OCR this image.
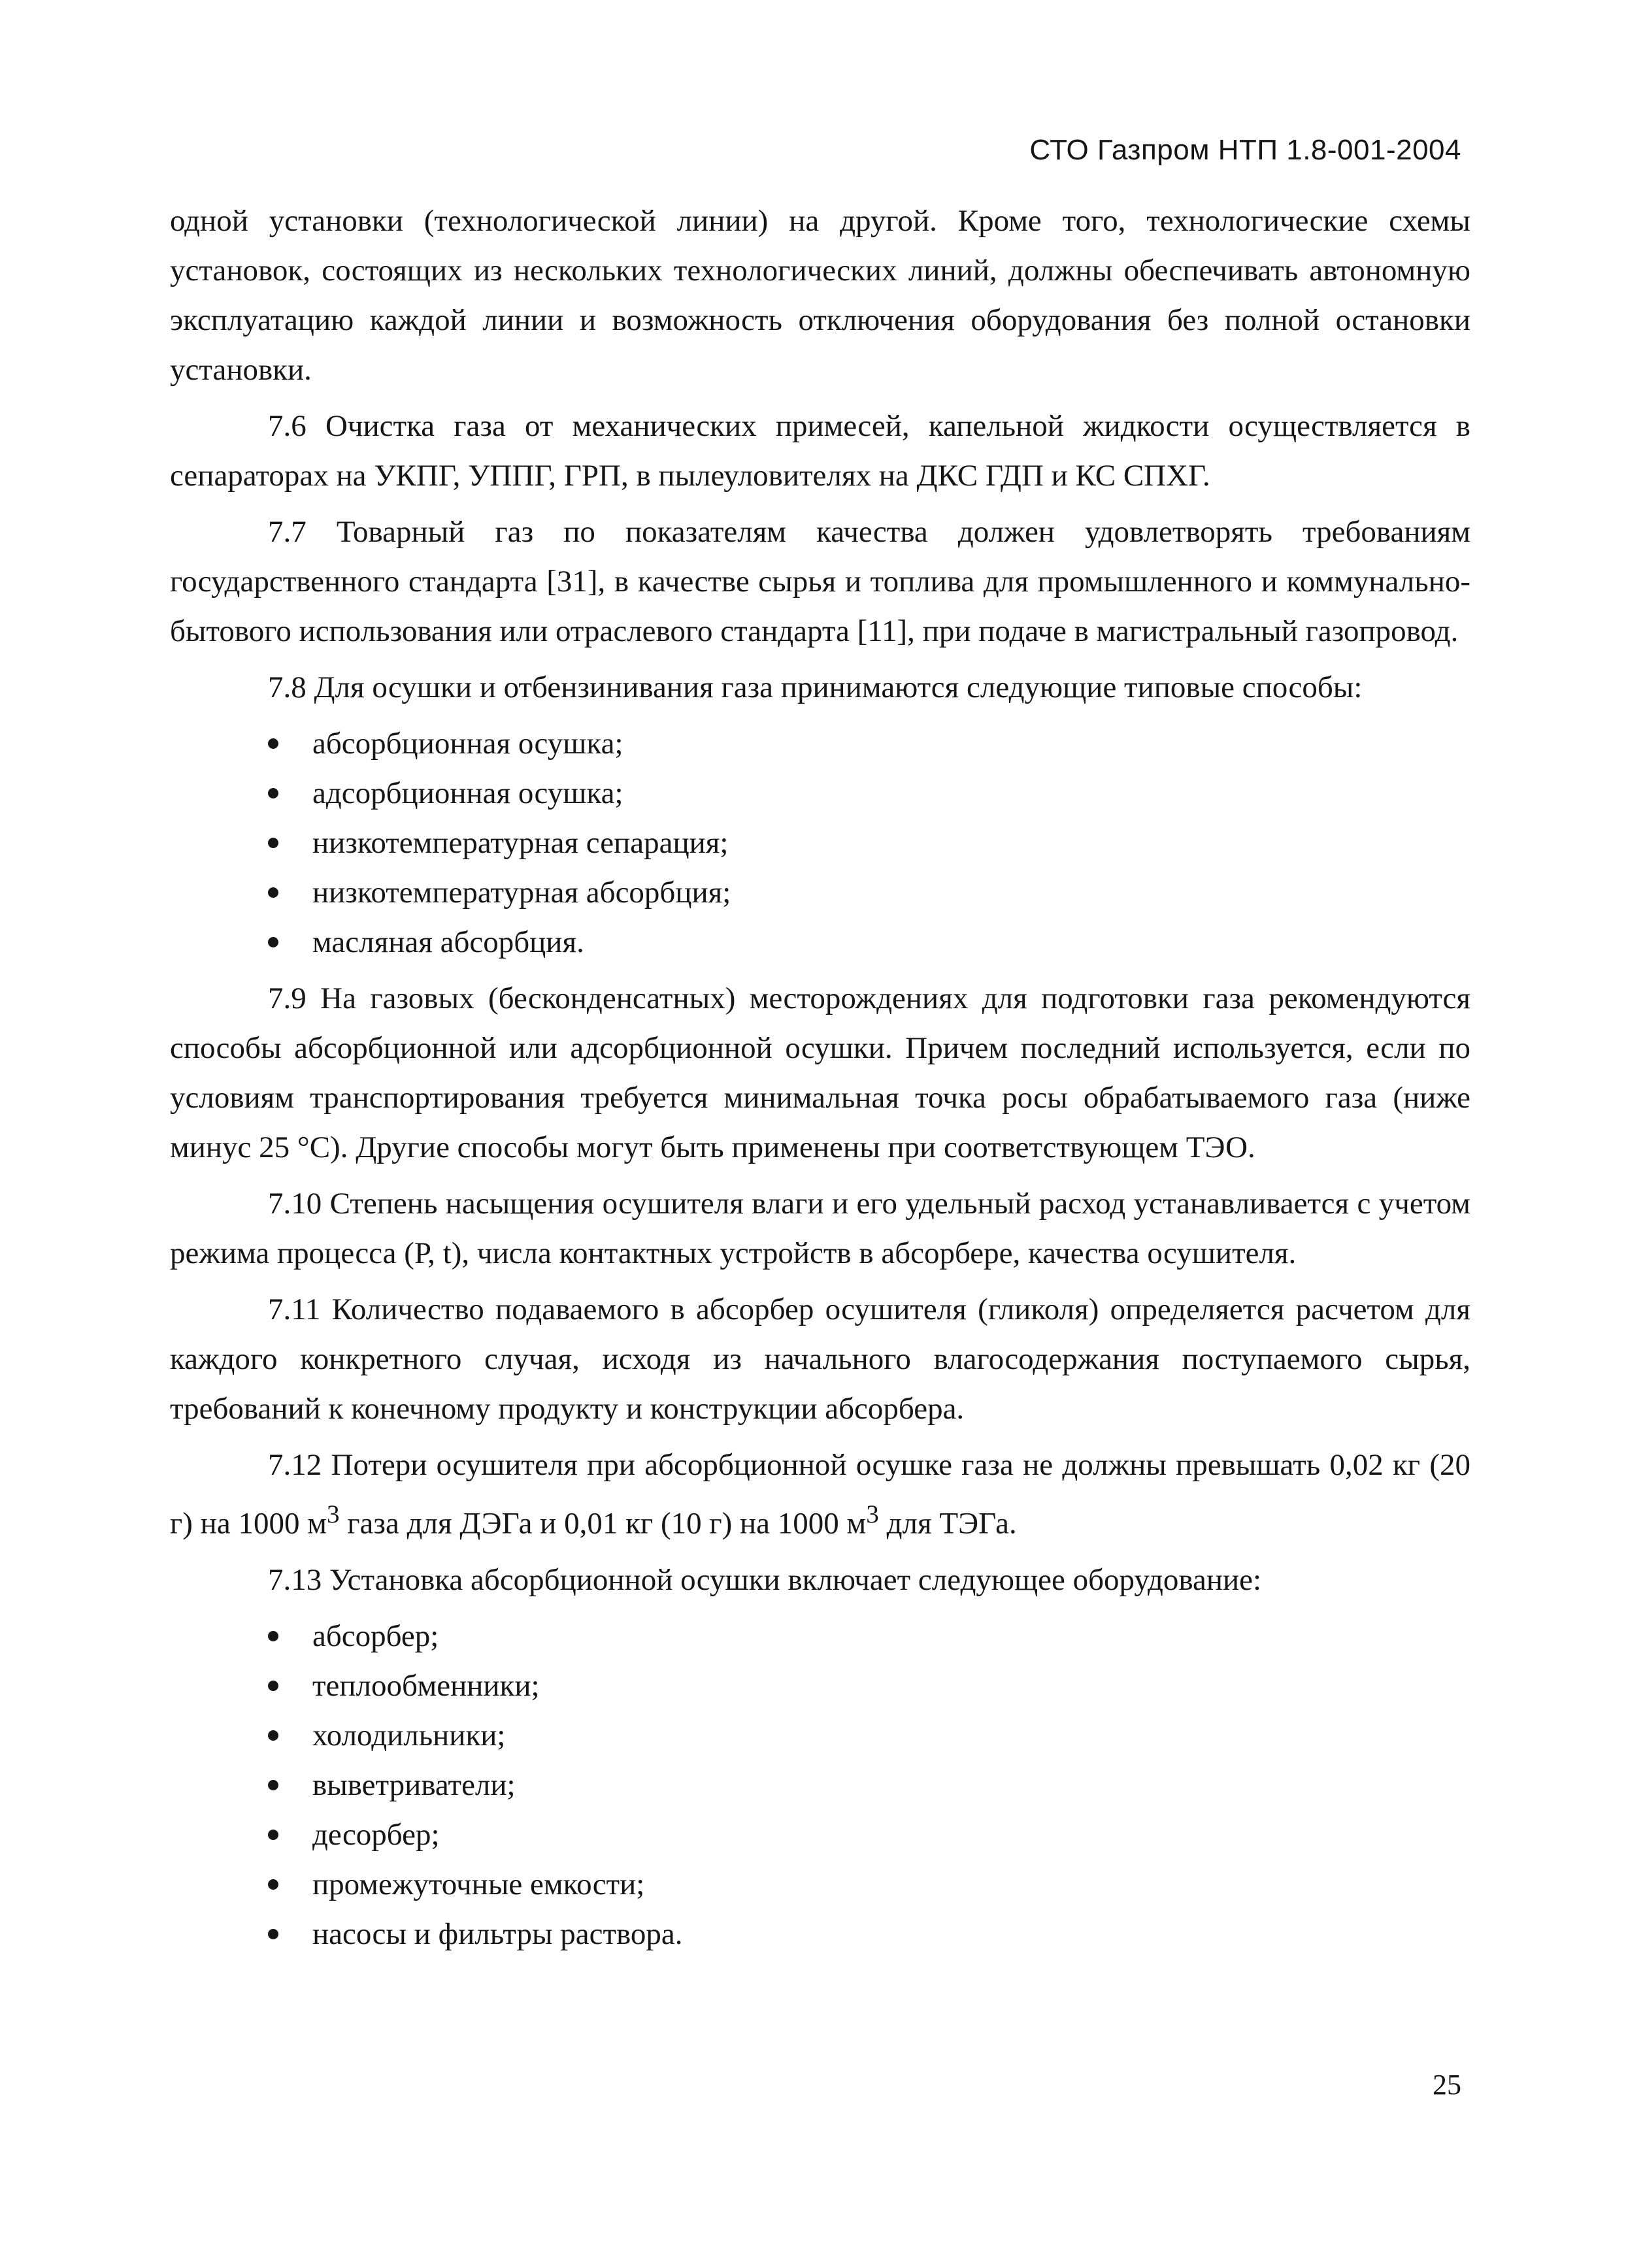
СТО Газпром НТП 1.8-001-2004

одной установки (технологической линии) на другой. Кроме того, технологические схемы установок, состоящих из нескольких технологических линий, должны обеспечивать автономную эксплуатацию каждой линии и возможность отключения оборудования без полной остановки установки.

7.6 Очистка газа от механических примесей, капельной жидкости осуществляется в сепараторах на УКПГ, УППГ, ГРП, в пылеуловителях на ДКС ГДП и КС СПХГ.

7.7 Товарный газ по показателям качества должен удовлетворять требованиям государственного стандарта [31], в качестве сырья и топлива для промышленного и коммунально-бытового использования или отраслевого стандарта [11], при подаче в магистральный газопровод.

7.8 Для осушки и отбензинивания газа принимаются следующие типовые способы:

абсорбционная осушка;
адсорбционная осушка;
низкотемпературная сепарация;
низкотемпературная абсорбция;
масляная абсорбция.

7.9 На газовых (бесконденсатных) месторождениях для подготовки газа рекомендуются способы абсорбционной или адсорбционной осушки. Причем последний используется, если по условиям транспортирования требуется минимальная точка росы обрабатываемого газа (ниже минус 25 °С). Другие способы могут быть применены при соответствующем ТЭО.

7.10 Степень насыщения осушителя влаги и его удельный расход устанавливается с учетом режима процесса (Р, t), числа контактных устройств в абсорбере, качества осушителя.

7.11 Количество подаваемого в абсорбер осушителя (гликоля) определяется расчетом для каждого конкретного случая, исходя из начального влагосодержания поступаемого сырья, требований к конечному продукту и конструкции абсорбера.

7.12 Потери осушителя при абсорбционной осушке газа не должны превышать 0,02 кг (20 г) на 1000 $м^3$ газа для ДЭГа и 0,01 кг (10 г) на 1000 $м^3$ для ТЭГа.

7.13 Установка абсорбционной осушки включает следующее оборудование:

абсорбер;
теплообменники;
холодильники;
выветриватели;
десорбер;
промежуточные емкости;
насосы и фильтры раствора.
25
